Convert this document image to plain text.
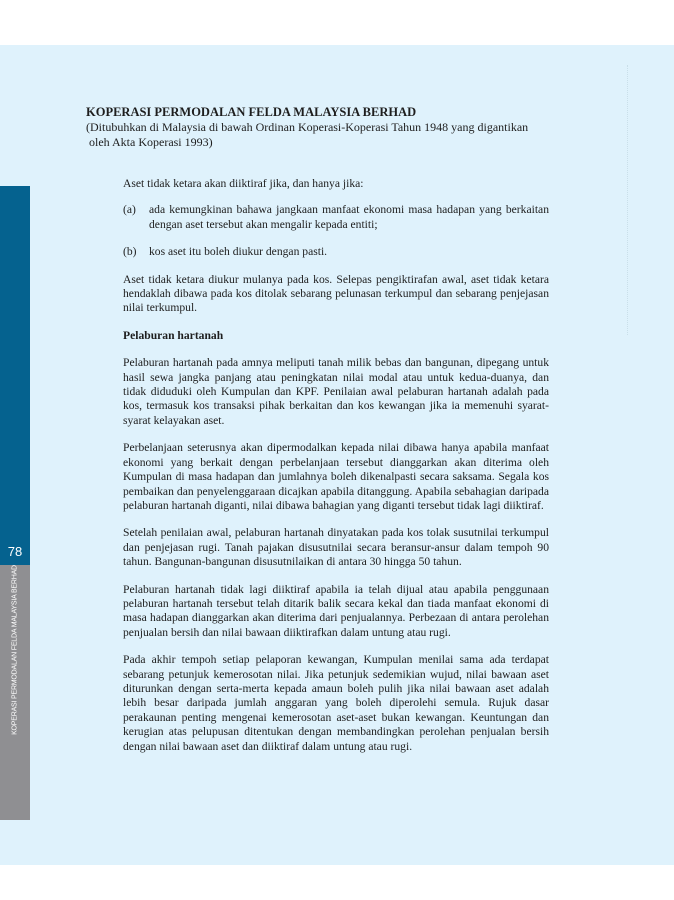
78
KOPERASI PERMODALAN FELDA MALAYSIA BERHAD

KOPERASI PERMODALAN FELDA MALAYSIA BERHAD

(Ditubuhkan di Malaysia di bawah Ordinan Koperasi-Koperasi Tahun 1948 yang digantikan

oleh Akta Koperasi 1993)

Aset tidak ketara akan diiktiraf jika, dan hanya jika:

(a)	ada kemungkinan bahawa jangkaan manfaat ekonomi masa hadapan yang berkaitan dengan aset tersebut akan mengalir kepada entiti;
(b)	kos aset itu boleh diukur dengan pasti.

Aset tidak ketara diukur mulanya pada kos. Selepas pengiktirafan awal, aset tidak ketara hendaklah dibawa pada kos ditolak sebarang pelunasan terkumpul dan sebarang penjejasan nilai terkumpul.

Pelaburan hartanah

Pelaburan hartanah pada amnya meliputi tanah milik bebas dan bangunan, dipegang untuk hasil sewa jangka panjang atau peningkatan nilai modal atau untuk kedua-duanya, dan tidak diduduki oleh Kumpulan dan KPF. Penilaian awal pelaburan hartanah adalah pada kos, termasuk kos transaksi pihak berkaitan dan kos kewangan jika ia memenuhi syarat-syarat kelayakan aset.

Perbelanjaan seterusnya akan dipermodalkan kepada nilai dibawa hanya apabila manfaat ekonomi yang berkait dengan perbelanjaan tersebut dianggarkan akan diterima oleh Kumpulan di masa hadapan dan jumlahnya boleh dikenalpasti secara saksama. Segala kos pembaikan dan penyelenggaraan dicajkan apabila ditanggung. Apabila sebahagian daripada pelaburan hartanah diganti, nilai dibawa bahagian yang diganti tersebut tidak lagi diiktiraf.

Setelah penilaian awal, pelaburan hartanah dinyatakan pada kos tolak susutnilai terkumpul dan penjejasan rugi. Tanah pajakan disusutnilai secara beransur-ansur dalam tempoh 90 tahun. Bangunan-bangunan disusutnilaikan di antara 30 hingga 50 tahun.

Pelaburan hartanah tidak lagi diiktiraf apabila ia telah dijual atau apabila penggunaan pelaburan hartanah tersebut telah ditarik balik secara kekal dan tiada manfaat ekonomi di masa hadapan dianggarkan akan diterima dari penjualannya. Perbezaan di antara perolehan penjualan bersih dan nilai bawaan diiktirafkan dalam untung atau rugi.

Pada akhir tempoh setiap pelaporan kewangan, Kumpulan menilai sama ada terdapat sebarang petunjuk kemerosotan nilai. Jika petunjuk sedemikian wujud, nilai bawaan aset diturunkan dengan serta-merta kepada amaun boleh pulih jika nilai bawaan aset adalah lebih besar daripada jumlah anggaran yang boleh diperolehi semula. Rujuk dasar perakaunan penting mengenai kemerosotan aset-aset bukan kewangan. Keuntungan dan kerugian atas pelupusan ditentukan dengan membandingkan perolehan penjualan bersih dengan nilai bawaan aset dan diiktiraf dalam untung atau rugi.
